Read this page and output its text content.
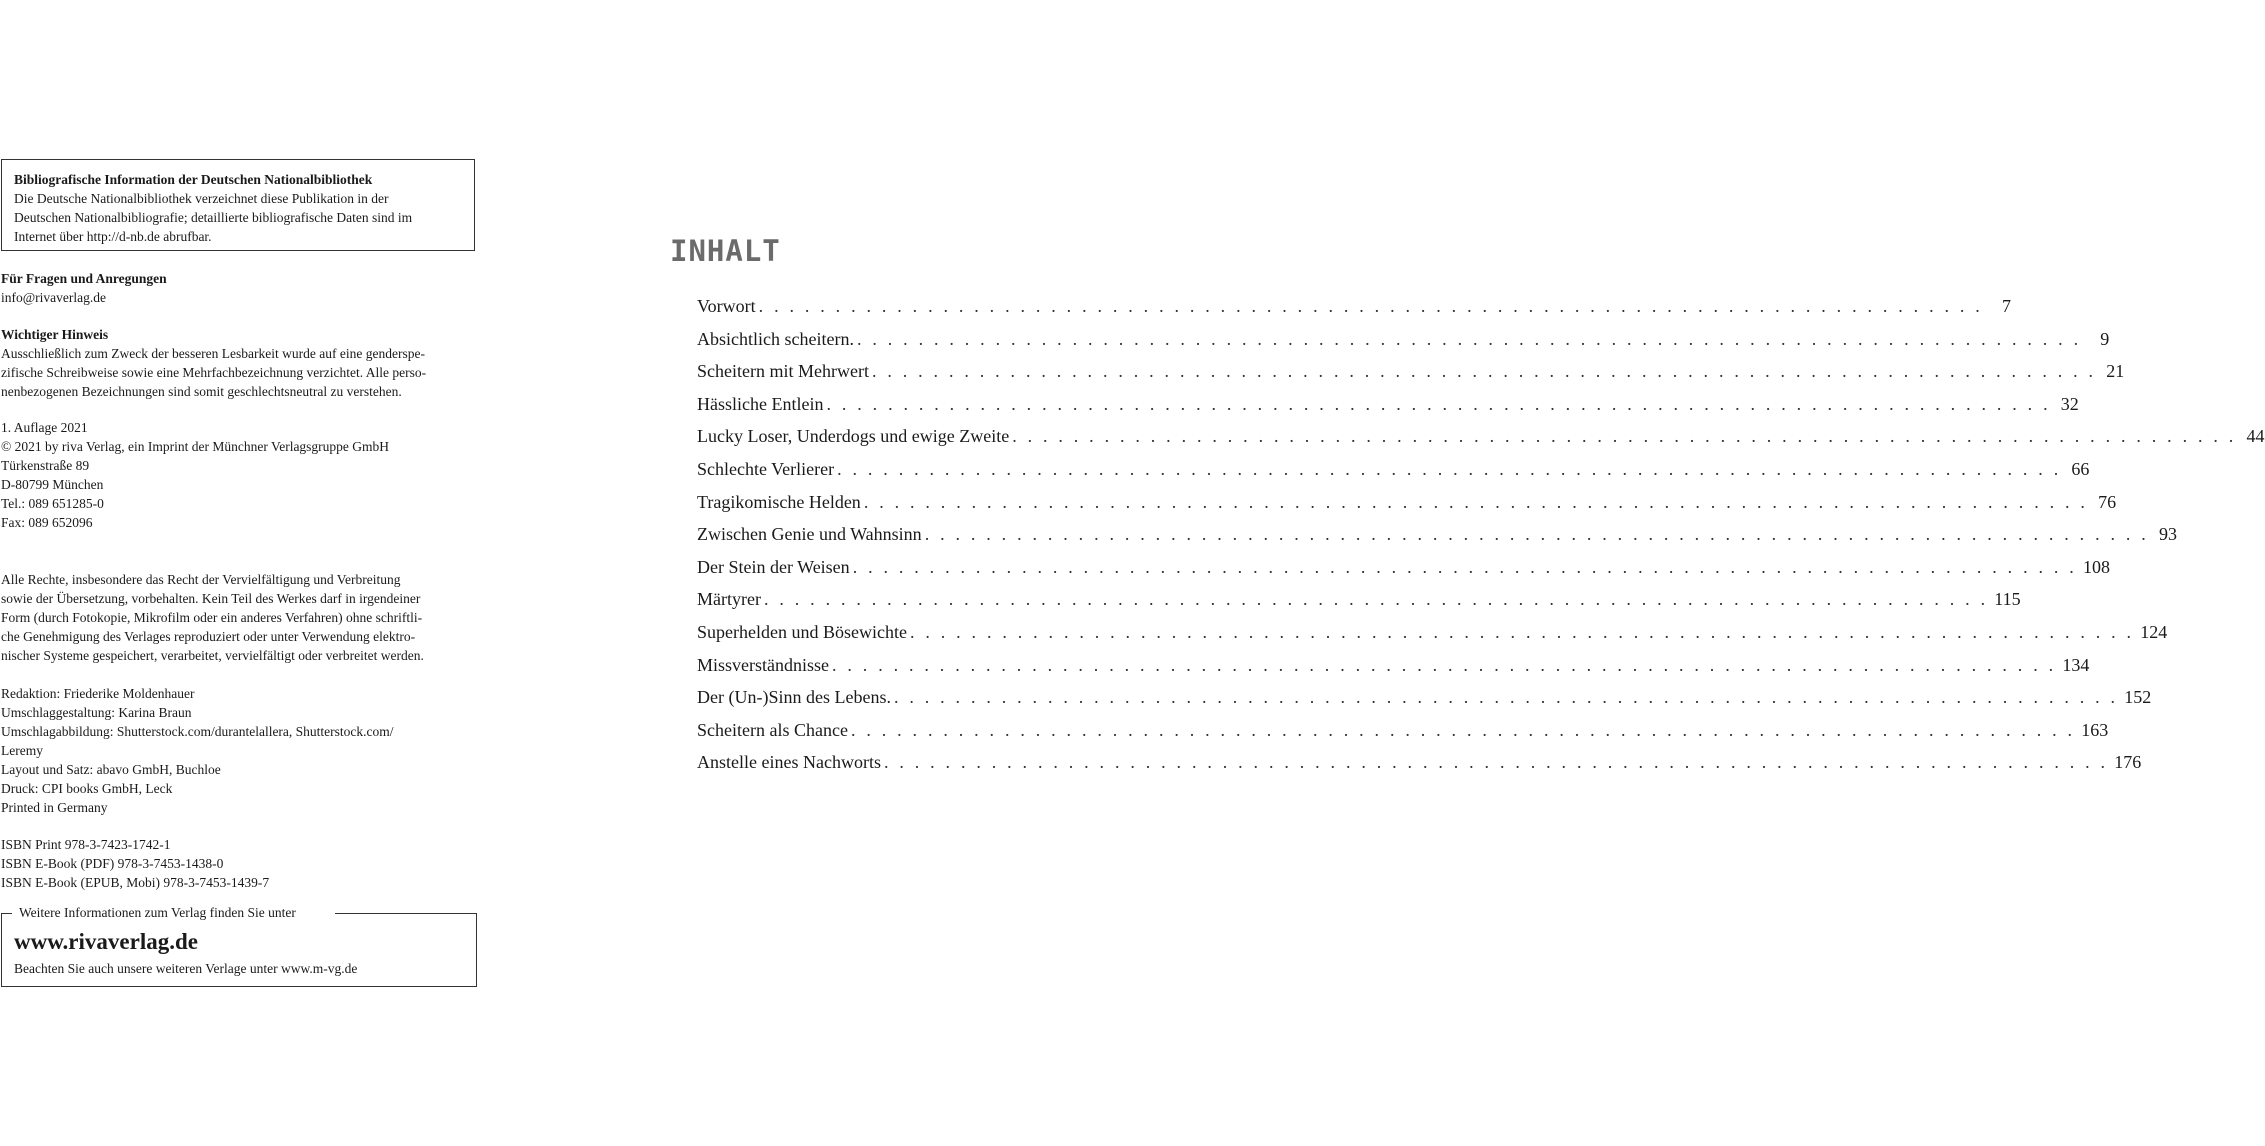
Bibliografische Information der Deutschen Nationalbibliothek
Die Deutsche Nationalbibliothek verzeichnet diese Publikation in der
Deutschen Nationalbibliografie; detaillierte bibliografische Daten sind im
Internet über http://d-nb.de abrufbar.
Für Fragen und Anregungen
info@rivaverlag.de
Wichtiger Hinweis
Ausschließlich zum Zweck der besseren Lesbarkeit wurde auf eine genderspe-
zifische Schreibweise sowie eine Mehrfachbezeichnung verzichtet. Alle perso-
nenbezogenen Bezeichnungen sind somit geschlechtsneutral zu verstehen.
1. Auflage 2021
© 2021 by riva Verlag, ein Imprint der Münchner Verlagsgruppe GmbH
Türkenstraße 89
D-80799 München
Tel.: 089 651285-0
Fax: 089 652096
Alle Rechte, insbesondere das Recht der Vervielfältigung und Verbreitung
sowie der Übersetzung, vorbehalten. Kein Teil des Werkes darf in irgendeiner
Form (durch Fotokopie, Mikrofilm oder ein anderes Verfahren) ohne schriftli-
che Genehmigung des Verlages reproduziert oder unter Verwendung elektro-
nischer Systeme gespeichert, verarbeitet, vervielfältigt oder verbreitet werden.
Redaktion: Friederike Moldenhauer
Umschlaggestaltung: Karina Braun
Umschlagabbildung: Shutterstock.com/durantelallera, Shutterstock.com/
Leremy
Layout und Satz: abavo GmbH, Buchloe
Druck: CPI books GmbH, Leck
Printed in Germany
ISBN Print 978-3-7423-1742-1
ISBN E-Book (PDF) 978-3-7453-1438-0
ISBN E-Book (EPUB, Mobi) 978-3-7453-1439-7
Weitere Informationen zum Verlag finden Sie unter
www.rivaverlag.de
Beachten Sie auch unsere weiteren Verlage unter www.m-vg.de
INHALT
Vorwort . . . . . . . . . . . . . . . . . . . . . . . . . . . . . . . . . . . . . . . . . . . . . . . . . . . . . . . . . . . . . . . . . . . . . . . . . . . . . . . .	7
Absichtlich scheitern. . . . . . . . . . . . . . . . . . . . . . . . . . . . . . . . . . . . . . . . . . . . . . . . . . . . . . . . . . . . . . . . . . . . . . . . . . . . . . . . .	9
Scheitern mit Mehrwert . . . . . . . . . . . . . . . . . . . . . . . . . . . . . . . . . . . . . . . . . . . . . . . . . . . . . . . . . . . . . . . . . . . . . . . . . . . . . . . . 21
Hässliche Entlein . . . . . . . . . . . . . . . . . . . . . . . . . . . . . . . . . . . . . . . . . . . . . . . . . . . . . . . . . . . . . . . . . . . . . . . . . . . . . . . . 32
Lucky Loser, Underdogs und ewige Zweite . . . . . . . . . . . . . . . . . . . . . . . . . . . . . . . . . . . . . . . . . . . . . . . . . . . . . . . . . . . . . . . . . . . . . . . . . . . . . . . . 44
Schlechte Verlierer . . . . . . . . . . . . . . . . . . . . . . . . . . . . . . . . . . . . . . . . . . . . . . . . . . . . . . . . . . . . . . . . . . . . . . . . . . . . . . . . 66
Tragikomische Helden . . . . . . . . . . . . . . . . . . . . . . . . . . . . . . . . . . . . . . . . . . . . . . . . . . . . . . . . . . . . . . . . . . . . . . . . . . . . . . . . 76
Zwischen Genie und Wahnsinn . . . . . . . . . . . . . . . . . . . . . . . . . . . . . . . . . . . . . . . . . . . . . . . . . . . . . . . . . . . . . . . . . . . . . . . . . . . . . . . . 93
Der Stein der Weisen . . . . . . . . . . . . . . . . . . . . . . . . . . . . . . . . . . . . . . . . . . . . . . . . . . . . . . . . . . . . . . . . . . . . . . . . . . . . . . . . 108
Märtyrer . . . . . . . . . . . . . . . . . . . . . . . . . . . . . . . . . . . . . . . . . . . . . . . . . . . . . . . . . . . . . . . . . . . . . . . . . . . . . . . . 115
Superhelden und Bösewichte . . . . . . . . . . . . . . . . . . . . . . . . . . . . . . . . . . . . . . . . . . . . . . . . . . . . . . . . . . . . . . . . . . . . . . . . . . . . . . . . 124
Missverständnisse . . . . . . . . . . . . . . . . . . . . . . . . . . . . . . . . . . . . . . . . . . . . . . . . . . . . . . . . . . . . . . . . . . . . . . . . . . . . . . . . 134
Der (Un-)Sinn des Lebens. . . . . . . . . . . . . . . . . . . . . . . . . . . . . . . . . . . . . . . . . . . . . . . . . . . . . . . . . . . . . . . . . . . . . . . . . . . . . . . . . 152
Scheitern als Chance . . . . . . . . . . . . . . . . . . . . . . . . . . . . . . . . . . . . . . . . . . . . . . . . . . . . . . . . . . . . . . . . . . . . . . . . . . . . . . . . 163
Anstelle eines Nachworts . . . . . . . . . . . . . . . . . . . . . . . . . . . . . . . . . . . . . . . . . . . . . . . . . . . . . . . . . . . . . . . . . . . . . . . . . . . . . . . . 176
